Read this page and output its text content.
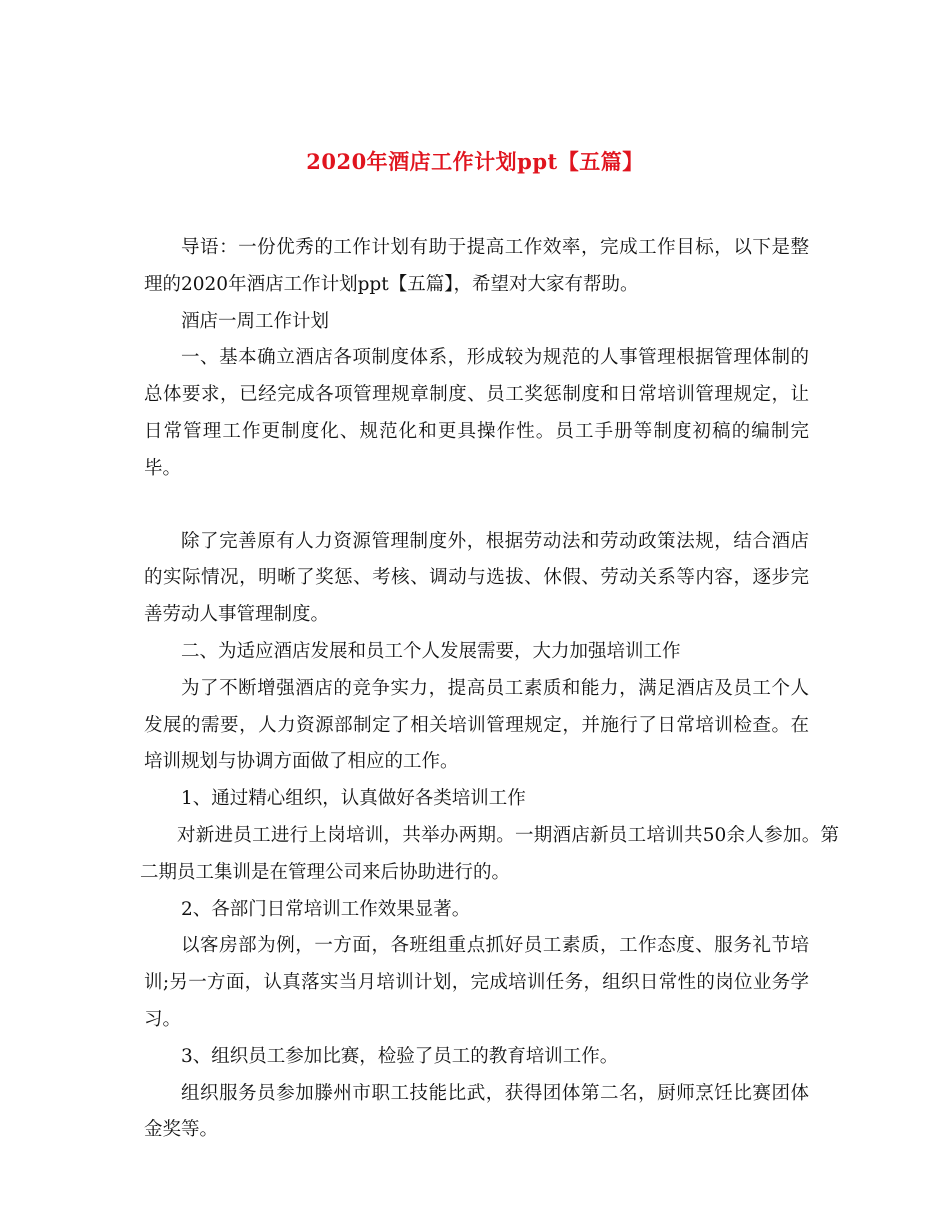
2020年酒店工作计划ppt【五篇】

导语：一份优秀的工作计划有助于提高工作效率，完成工作目标，以下是整理的2020年酒店工作计划ppt【五篇】，希望对大家有帮助。

酒店一周工作计划

一、基本确立酒店各项制度体系，形成较为规范的人事管理根据管理体制的总体要求，已经完成各项管理规章制度、员工奖惩制度和日常培训管理规定，让日常管理工作更制度化、规范化和更具操作性。员工手册等制度初稿的编制完毕。

除了完善原有人力资源管理制度外，根据劳动法和劳动政策法规，结合酒店的实际情况，明晰了奖惩、考核、调动与选拔、休假、劳动关系等内容，逐步完善劳动人事管理制度。

二、为适应酒店发展和员工个人发展需要，大力加强培训工作

为了不断增强酒店的竞争实力，提高员工素质和能力，满足酒店及员工个人发展的需要，人力资源部制定了相关培训管理规定，并施行了日常培训检查。在培训规划与协调方面做了相应的工作。

1、通过精心组织，认真做好各类培训工作

对新进员工进行上岗培训，共举办两期。一期酒店新员工培训共50余人参加。第二期员工集训是在管理公司来后协助进行的。

2、各部门日常培训工作效果显著。

以客房部为例，一方面，各班组重点抓好员工素质，工作态度、服务礼节培训;另一方面，认真落实当月培训计划，完成培训任务，组织日常性的岗位业务学习。

3、组织员工参加比赛，检验了员工的教育培训工作。

组织服务员参加滕州市职工技能比武，获得团体第二名，厨师烹饪比赛团体金奖等。
